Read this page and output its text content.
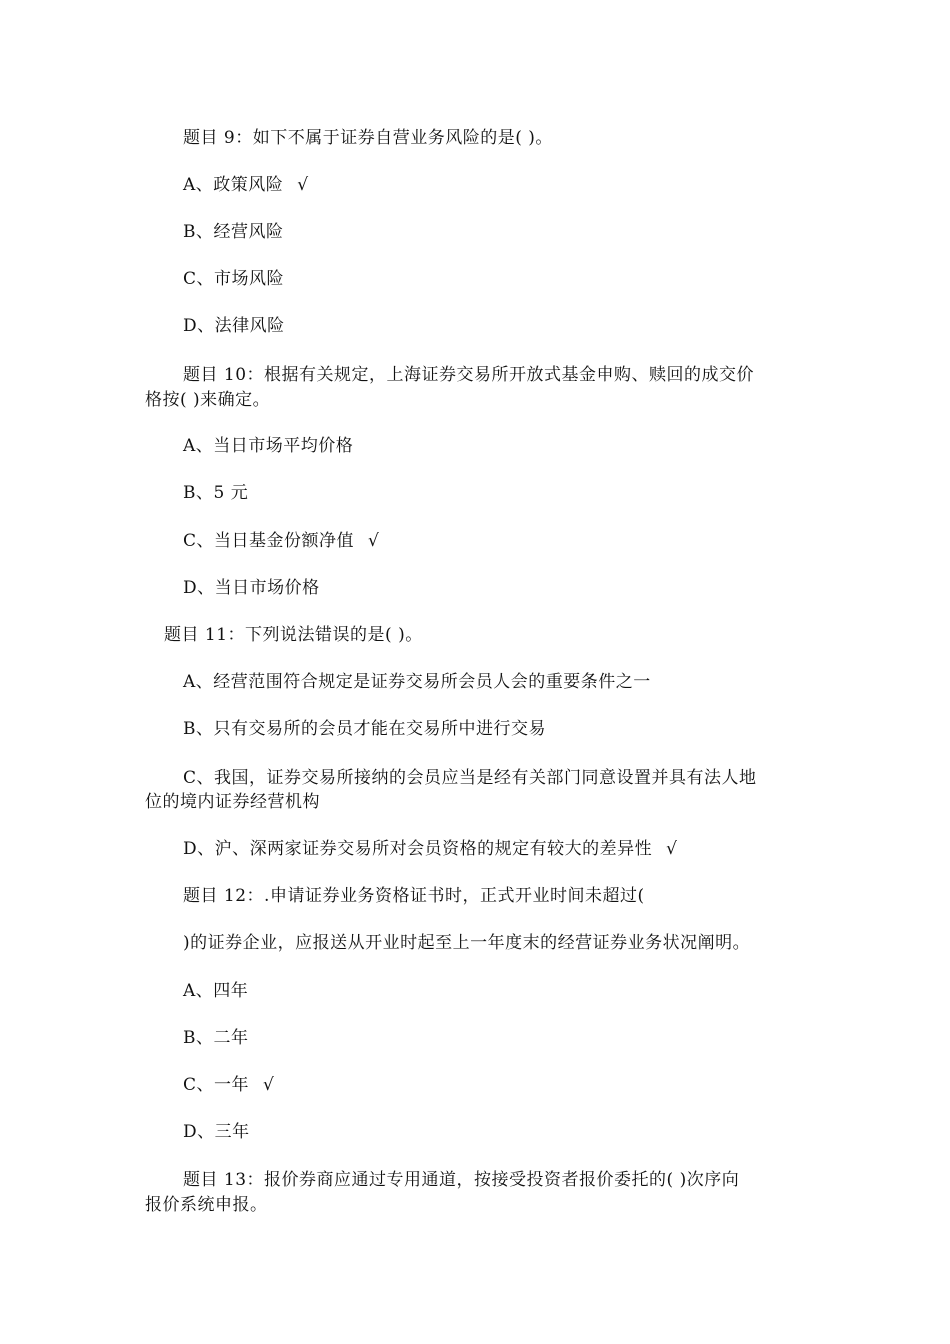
题目 9：如下不属于证券自营业务风险的是( )。

A、政策风险 √

B、经营风险

C、市场风险

D、法律风险

题目 10：根据有关规定，上海证券交易所开放式基金申购、赎回的成交价

格按( )来确定。

A、当日市场平均价格

B、5 元

C、当日基金份额净值 √

D、当日市场价格

题目 11：下列说法错误的是( )。

A、经营范围符合规定是证券交易所会员人会的重要条件之一

B、只有交易所的会员才能在交易所中进行交易

C、我国，证券交易所接纳的会员应当是经有关部门同意设置并具有法人地

位的境内证券经营机构

D、沪、深两家证券交易所对会员资格的规定有较大的差异性 √

题目 12：.申请证券业务资格证书时，正式开业时间未超过(

)的证券企业，应报送从开业时起至上一年度末的经营证券业务状况阐明。

A、四年

B、二年

C、一年 √

D、三年

题目 13：报价券商应通过专用通道，按接受投资者报价委托的( )次序向

报价系统申报。
